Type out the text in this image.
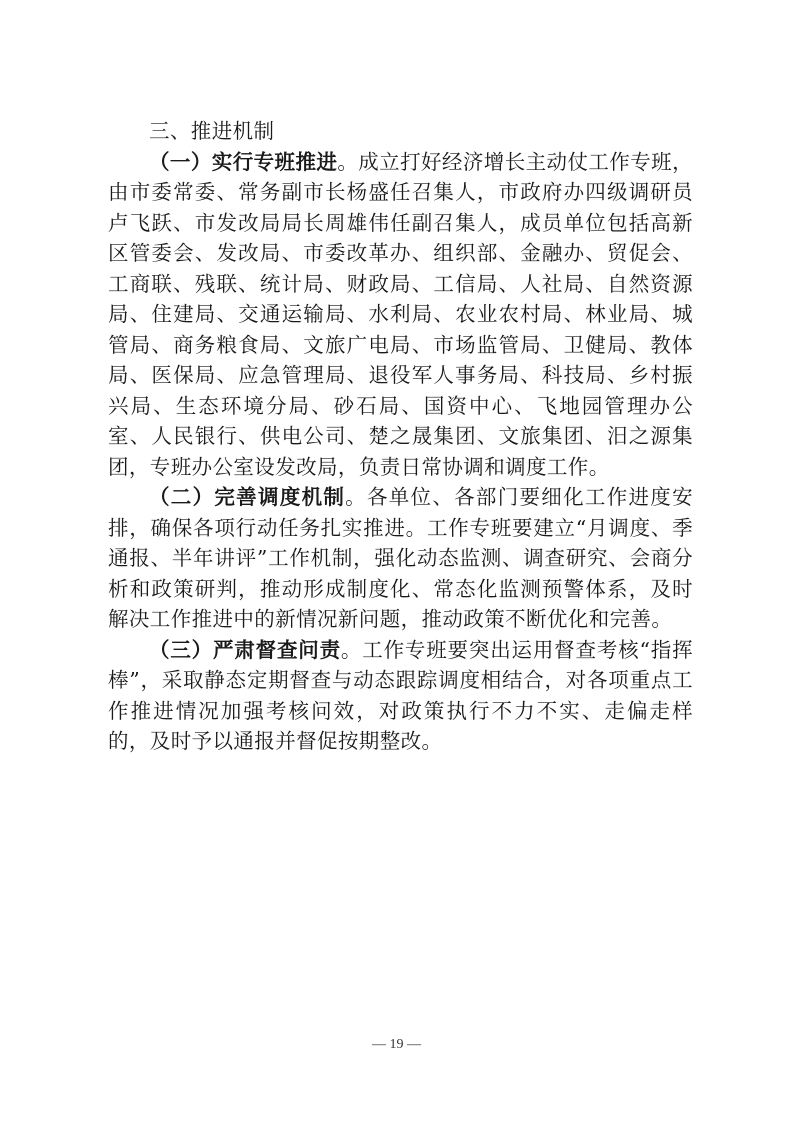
三、推进机制

（一）实行专班推进。成立打好经济增长主动仗工作专班，由市委常委、常务副市长杨盛任召集人，市政府办四级调研员卢飞跃、市发改局局长周雄伟任副召集人，成员单位包括高新区管委会、发改局、市委改革办、组织部、金融办、贸促会、工商联、残联、统计局、财政局、工信局、人社局、自然资源局、住建局、交通运输局、水利局、农业农村局、林业局、城管局、商务粮食局、文旅广电局、市场监管局、卫健局、教体局、医保局、应急管理局、退役军人事务局、科技局、乡村振兴局、生态环境分局、砂石局、国资中心、飞地园管理办公室、人民银行、供电公司、楚之晟集团、文旅集团、汨之源集团，专班办公室设发改局，负责日常协调和调度工作。

（二）完善调度机制。各单位、各部门要细化工作进度安排，确保各项行动任务扎实推进。工作专班要建立“月调度、季通报、半年讲评”工作机制，强化动态监测、调查研究、会商分析和政策研判，推动形成制度化、常态化监测预警体系，及时解决工作推进中的新情况新问题，推动政策不断优化和完善。

（三）严肃督查问责。工作专班要突出运用督查考核“指挥棒”，采取静态定期督查与动态跟踪调度相结合，对各项重点工作推进情况加强考核问效，对政策执行不力不实、走偏走样的，及时予以通报并督促按期整改。

— 19 —
